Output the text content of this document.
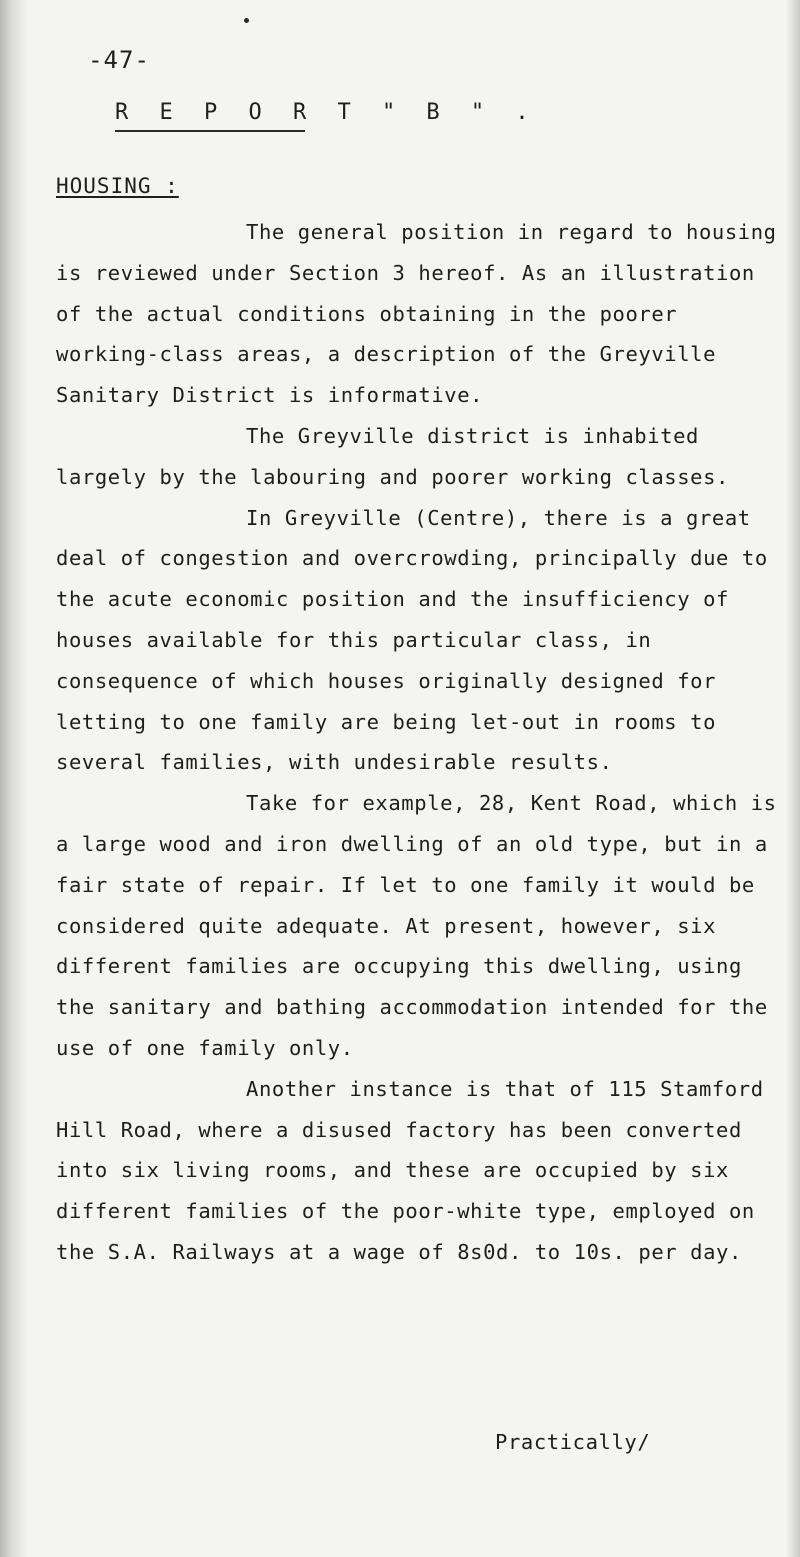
-47-
R E P O R T " B " .
HOUSING :

The general position in regard to housing is reviewed under Section 3 hereof. As an illustration of the actual conditions obtaining in the poorer working-class areas, a description of the Greyville Sanitary District is informative.

The Greyville district is inhabited largely by the labouring and poorer working classes.

In Greyville (Centre), there is a great deal of congestion and overcrowding, principally due to the acute economic position and the insufficiency of houses available for this particular class, in consequence of which houses originally designed for letting to one family are being let-out in rooms to several families, with undesirable results.

Take for example, 28, Kent Road, which is a large wood and iron dwelling of an old type, but in a fair state of repair. If let to one family it would be considered quite adequate. At present, however, six different families are occupying this dwelling, using the sanitary and bathing accommodation intended for the use of one family only.

Another instance is that of 115 Stamford Hill Road, where a disused factory has been converted into six living rooms, and these are occupied by six different families of the poor-white type, employed on the S.A. Railways at a wage of 8s0d. to 10s. per day.

Practically/
